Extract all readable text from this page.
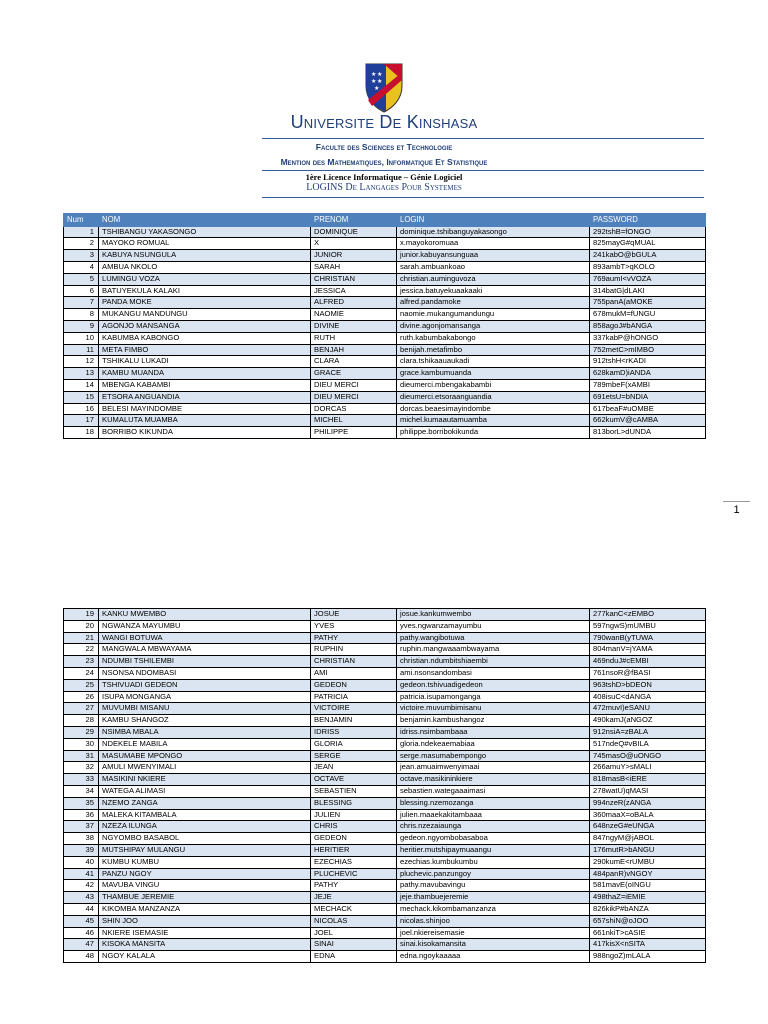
★ ★
★ ★
★
Universite De Kinshasa
Faculte des Sciences et Technologie
Mention des Mathematiques, Informatique Et Statistique
1ère Licence Informatique – Génie Logiciel
LOGINS De Langages Pour Systemes
Num	NOM	PRENOM	LOGIN	PASSWORD
1	TSHIBANGU YAKASONGO	DOMINIQUE	dominique.tshibanguyakasongo	292tshB=fONGO
2	MAYOKO ROMUAL	X	x.mayokoromuaa	825mayG#qMUAL
3	KABUYA NSUNGULA	JUNIOR	junior.kabuyansunguaa	241kabO@bGULA
4	AMBUA NKOLO	SARAH	sarah.ambuankoao	893ambT>qKOLO
5	LUMINGU VOZA	CHRISTIAN	christian.auminguvoza	769aumI<vVOZA
6	BATUYEKULA KALAKI	JESSICA	jessica.batuyekuaakaaki	314batG|dLAKI
7	PANDA MOKE	ALFRED	alfred.pandamoke	755panA(aMOKE
8	MUKANGU MANDUNGU	NAOMIE	naomie.mukangumandungu	678mukM=fUNGU
9	AGONJO MANSANGA	DIVINE	divine.agonjomansanga	858agoJ#bANGA
10	KABUMBA KABONGO	RUTH	ruth.kabumbakabongo	337kabP@hONGO
11	META FIMBO	BENJAH	benijah.metafimbo	752metC>mIMBO
12	TSHIKALU LUKADI	CLARA	clara.tshikaauaukadi	912tshH<rKADI
13	KAMBU MUANDA	GRACE	grace.kambumuanda	628kamD)iANDA
14	MBENGA KABAMBI	DIEU MERCI	dieumerci.mbengakabambi	789mbeF(xAMBI
15	ETSORA ANGUANDIA	DIEU MERCI	dieumerci.etsoraanguandia	691etsU=bNDIA
16	BELESI MAYINDOMBE	DORCAS	dorcas.beaesimayindombe	617beaF#uOMBE
17	KUMALUTA MUAMBA	MICHEL	michel.kumaautamuamba	662kumV@cAMBA
18	BORRIBO KIKUNDA	PHILIPPE	philippe.borribokikunda	813borL>dUNDA
1
19	KANKU MWEMBO	JOSUE	josue.kankumwembo	277kanC<zEMBO
20	NGWANZA MAYUMBU	YVES	yves.ngwanzamayumbu	597ngwS)mUMBU
21	WANGI BOTUWA	PATHY	pathy.wangibotuwa	790wanB(yTUWA
22	MANGWALA MBWAYAMA	RUPHIN	ruphin.mangwaaambwayama	804manV=jYAMA
23	NDUMBI TSHILEMBI	CHRISTIAN	christian.ndumbitshiaembi	469nduJ#cEMBI
24	NSONSA NDOMBASI	AMI	ami.nsonsandombasi	761nsoR@fBASI
25	TSHIVUADI GEDEON	GEDEON	gedeon.tshivuadigedeon	963tshD>bDEON
26	ISUPA MONGANGA	PATRICIA	patricia.isupamonganga	408isuC<dANGA
27	MUVUMBI MISANU	VICTOIRE	victoire.muvumbimisanu	472muvI)eSANU
28	KAMBU SHANGOZ	BENJAMIN	benjamin.kambushangoz	490kamJ(aNGOZ
29	NSIMBA MBALA	IDRISS	idriss.nsimbambaaa	912nsiA=zBALA
30	NDEKELE MABILA	GLORIA	gloria.ndekeaemabiaa	517ndeQ#vBILA
31	MASUMABE MPONGO	SERGE	serge.masumabempongo	745masO@uONGO
32	AMULI MWENYIMALI	JEAN	jean.amuaimwenyimaai	266amuY>sMALI
33	MASIKINI NKIERE	OCTAVE	octave.masikininkiere	818masB<iERE
34	WATEGA ALIMASI	SEBASTIEN	sebastien.wategaaaimasi	278watU)qMASI
35	NZEMO ZANGA	BLESSING	blessing.nzemozanga	994nzeR(zANGA
36	MALEKA KITAMBALA	JULIEN	julien.maaekakitambaaa	360maaX=oBALA
37	NZEZA ILUNGA	CHRIS	chris.nzezaiaunga	648nzeG#eUNGA
38	NGYOMBO BASABOL	GEDEON	gedeon.ngyombobasaboa	847ngyM@jABOL
39	MUTSHIPAY MULANGU	HERITIER	heritier.mutshipaymuaangu	176mutR>bANGU
40	KUMBU KUMBU	EZECHIAS	ezechias.kumbukumbu	290kumE<rUMBU
41	PANZU NGOY	PLUCHEVIC	pluchevic.panzungoy	484panR)vNGOY
42	MAVUBA VINGU	PATHY	pathy.mavubavingu	581mavE(oINGU
43	THAMBUE JEREMIE	JEJE	jeje.thambuejeremie	498thaZ=iEMIE
44	KIKOMBA MANZANZA	MECHACK	mechack.kikombamanzanza	826kikP#bANZA
45	SHIN JOO	NICOLAS	nicolas.shinjoo	657shiN@oJOO
46	NKIERE ISEMASIE	JOEL	joel.nkiereisemasie	661nkiT>cASIE
47	KISOKA MANSITA	SINAI	sinai.kisokamansita	417kisX<nSITA
48	NGOY KALALA	EDNA	edna.ngoykaaaaa	988ngoZ)mLALA
